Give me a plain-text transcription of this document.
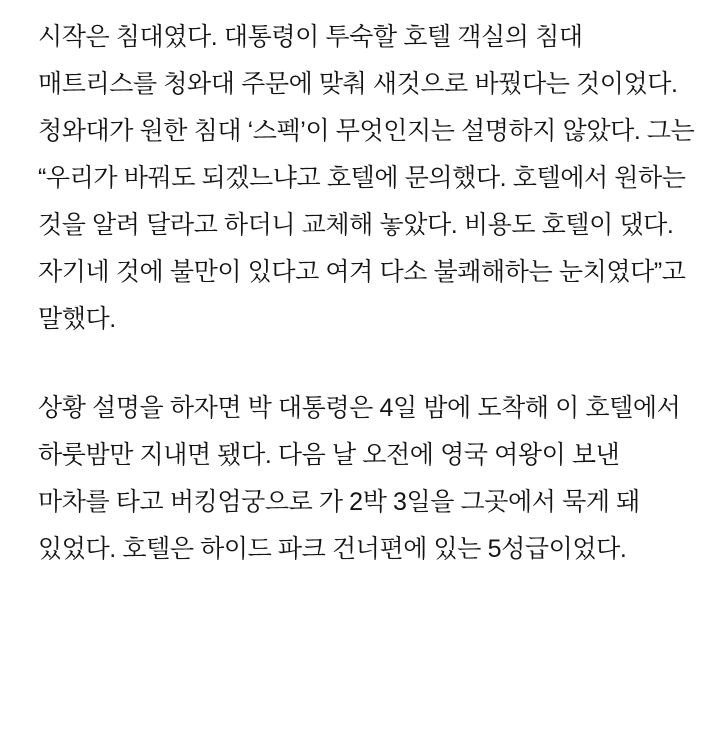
시작은 침대였다. 대통령이 투숙할 호텔 객실의 침대 매트리스를 청와대 주문에 맞춰 새것으로 바꿨다는 것이었다. 청와대가 원한 침대 ‘스펙’이 무엇인지는 설명하지 않았다. 그는 “우리가 바꿔도 되겠느냐고 호텔에 문의했다. 호텔에서 원하는 것을 알려 달라고 하더니 교체해 놓았다. 비용도 호텔이 댔다. 자기네 것에 불만이 있다고 여겨 다소 불쾌해하는 눈치였다”고 말했다.

상황 설명을 하자면 박 대통령은 4일 밤에 도착해 이 호텔에서 하룻밤만 지내면 됐다. 다음 날 오전에 영국 여왕이 보낸 마차를 타고 버킹엄궁으로 가 2박 3일을 그곳에서 묵게 돼 있었다. 호텔은 하이드 파크 건너편에 있는 5성급이었다.
